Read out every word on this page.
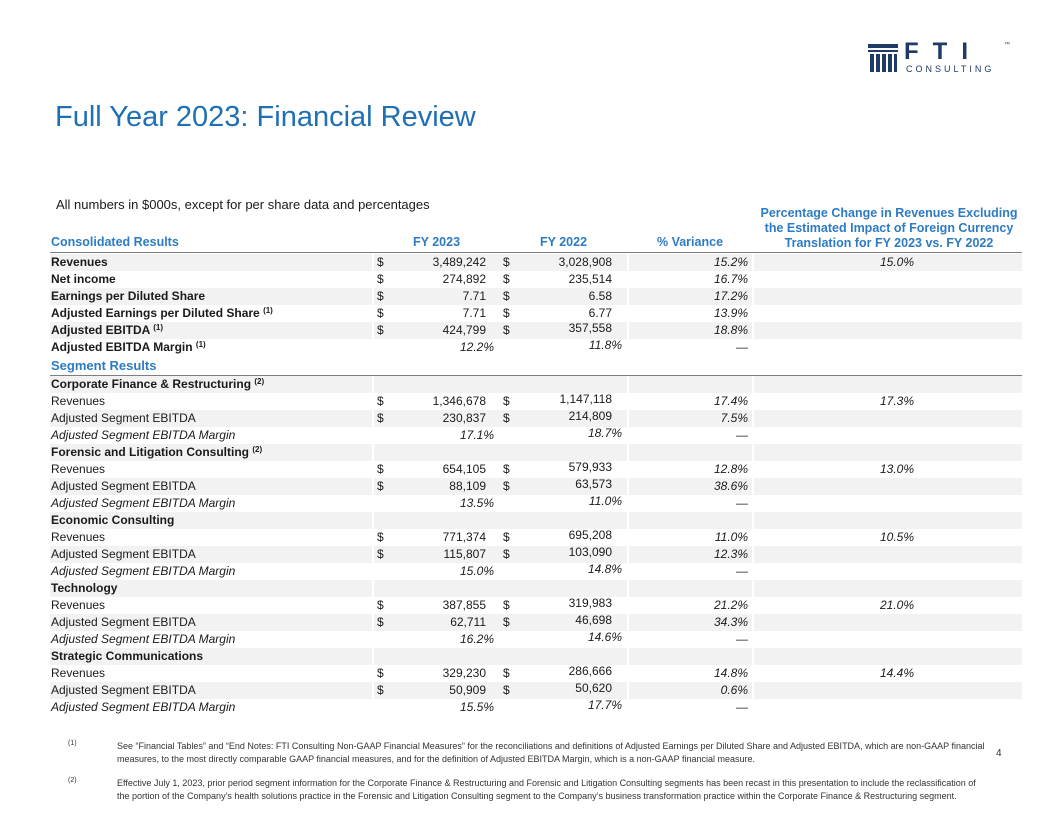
FTI	™
CONSULTING
Full Year 2023: Financial Review
All numbers in $000s, except for per share data and percentages
Consolidated Results	FY 2023	FY 2022	% Variance
Percentage Change in Revenues Excluding the Estimated Impact of Foreign Currency Translation for FY 2023 vs. FY 2022
Segment Results
Revenues	$	3,489,242 $	3,028,908	15.2%	15.0%
Net income	$	274,892 $	235,514	16.7%
Earnings per Diluted Share	$	7.71 $	6.58	17.2%
Adjusted Earnings per Diluted Share $^{(1)}$	$	7.71 $	6.77	13.9%
Adjusted EBITDA $^{(1)}$	$	424,799 $	357,558	18.8%
Adjusted EBITDA Margin $^{(1)}$	12.2%	11.8%	—
Corporate Finance & Restructuring $^{(2)}$
Revenues	$	1,346,678 $	1,147,118	17.4%	17.3%
Adjusted Segment EBITDA	$	230,837 $	214,809	7.5%
Adjusted Segment EBITDA Margin	17.1%	18.7%	—
Forensic and Litigation Consulting $^{(2)}$
Revenues	$	654,105 $	579,933	12.8%	13.0%
Adjusted Segment EBITDA	$	88,109 $	63,573	38.6%
Adjusted Segment EBITDA Margin	13.5%	11.0%	—
Economic Consulting
Revenues	$	771,374 $	695,208	11.0%	10.5%
Adjusted Segment EBITDA	$	115,807 $	103,090	12.3%
Adjusted Segment EBITDA Margin	15.0%	14.8%	—
Technology
Revenues	$	387,855 $	319,983	21.2%	21.0%
Adjusted Segment EBITDA	$	62,711 $	46,698	34.3%
Adjusted Segment EBITDA Margin	16.2%	14.6%	—
Strategic Communications
Revenues	$	329,230 $	286,666	14.8%	14.4%
Adjusted Segment EBITDA	$	50,909 $	50,620	0.6%
Adjusted Segment EBITDA Margin	15.5%	17.7%	—
(1)	See “Financial Tables” and “End Notes: FTI Consulting Non-GAAP Financial Measures” for the reconciliations and definitions of Adjusted Earnings per Diluted Share and Adjusted EBITDA, which are non-GAAP financial measures, to the most directly comparable GAAP financial measures, and for the definition of Adjusted EBITDA Margin, which is a non-GAAP financial measure.
(2)	Effective July 1, 2023, prior period segment information for the Corporate Finance & Restructuring and Forensic and Litigation Consulting segments has been recast in this presentation to include the reclassification of the portion of the Company’s health solutions practice in the Forensic and Litigation Consulting segment to the Company’s business transformation practice within the Corporate Finance & Restructuring segment.
4
